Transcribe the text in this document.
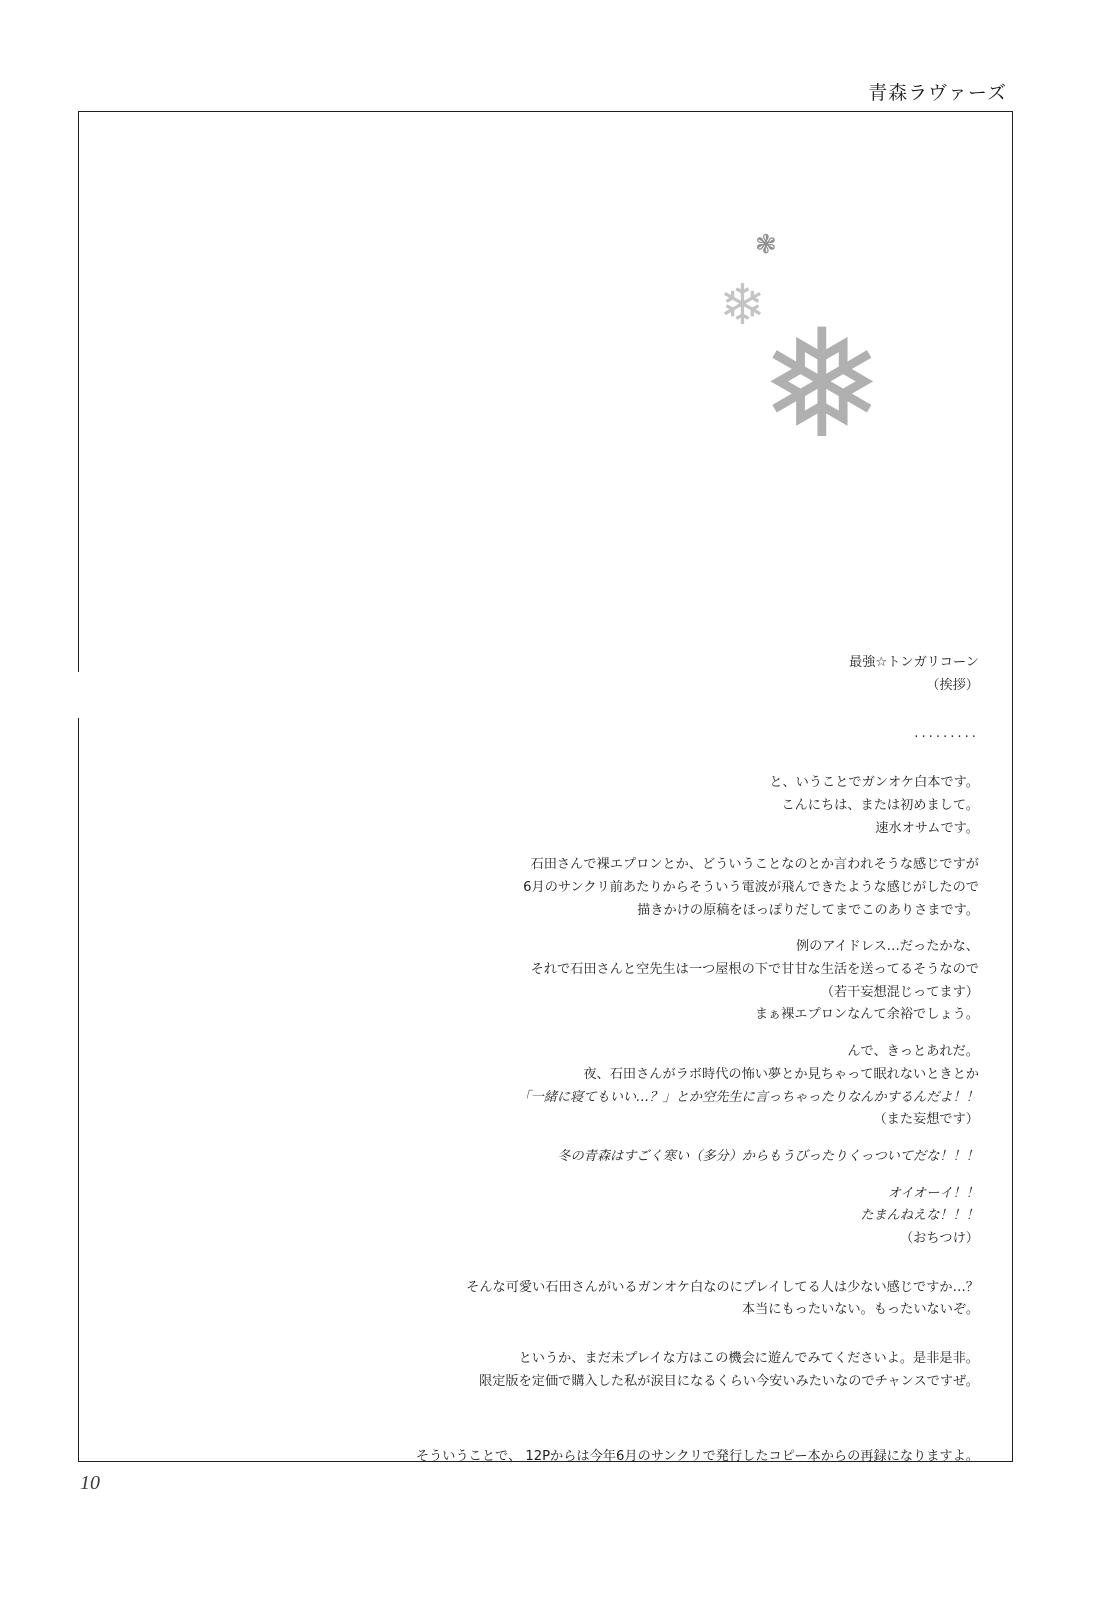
青森ラヴァーズ
❅
❄
❃

最強☆トンガリコーン
（挨拶）

.........

と、いうことでガンオケ白本です。
こんにちは、または初めまして。
速水オサムです。

石田さんで裸エプロンとか、どういうことなのとか言われそうな感じですが
6月のサンクリ前あたりからそういう電波が飛んできたような感じがしたので
描きかけの原稿をほっぽりだしてまでこのありさまです。

例のアイドレス…だったかな、
それで石田さんと空先生は一つ屋根の下で甘甘な生活を送ってるそうなので
（若干妄想混じってます）
まぁ裸エプロンなんて余裕でしょう。

んで、きっとあれだ。
夜、石田さんがラボ時代の怖い夢とか見ちゃって眠れないときとか
「一緒に寝てもいい…？」とか空先生に言っちゃったりなんかするんだよ！！
（また妄想です）

冬の青森はすごく寒い（多分）からもうびったりくっついてだな！！！

オイオーイ！！
たまんねえな！！！
（おちつけ）

そんな可愛い石田さんがいるガンオケ白なのにプレイしてる人は少ない感じですか…？
本当にもったいない。もったいないぞ。

というか、まだ未プレイな方はこの機会に遊んでみてくださいよ。是非是非。
限定版を定価で購入した私が涙目になるくらい今安いみたいなのでチャンスですぜ。

そういうことで、 12Pからは今年6月のサンクリで発行したコピー本からの再録になりますよ。

10
